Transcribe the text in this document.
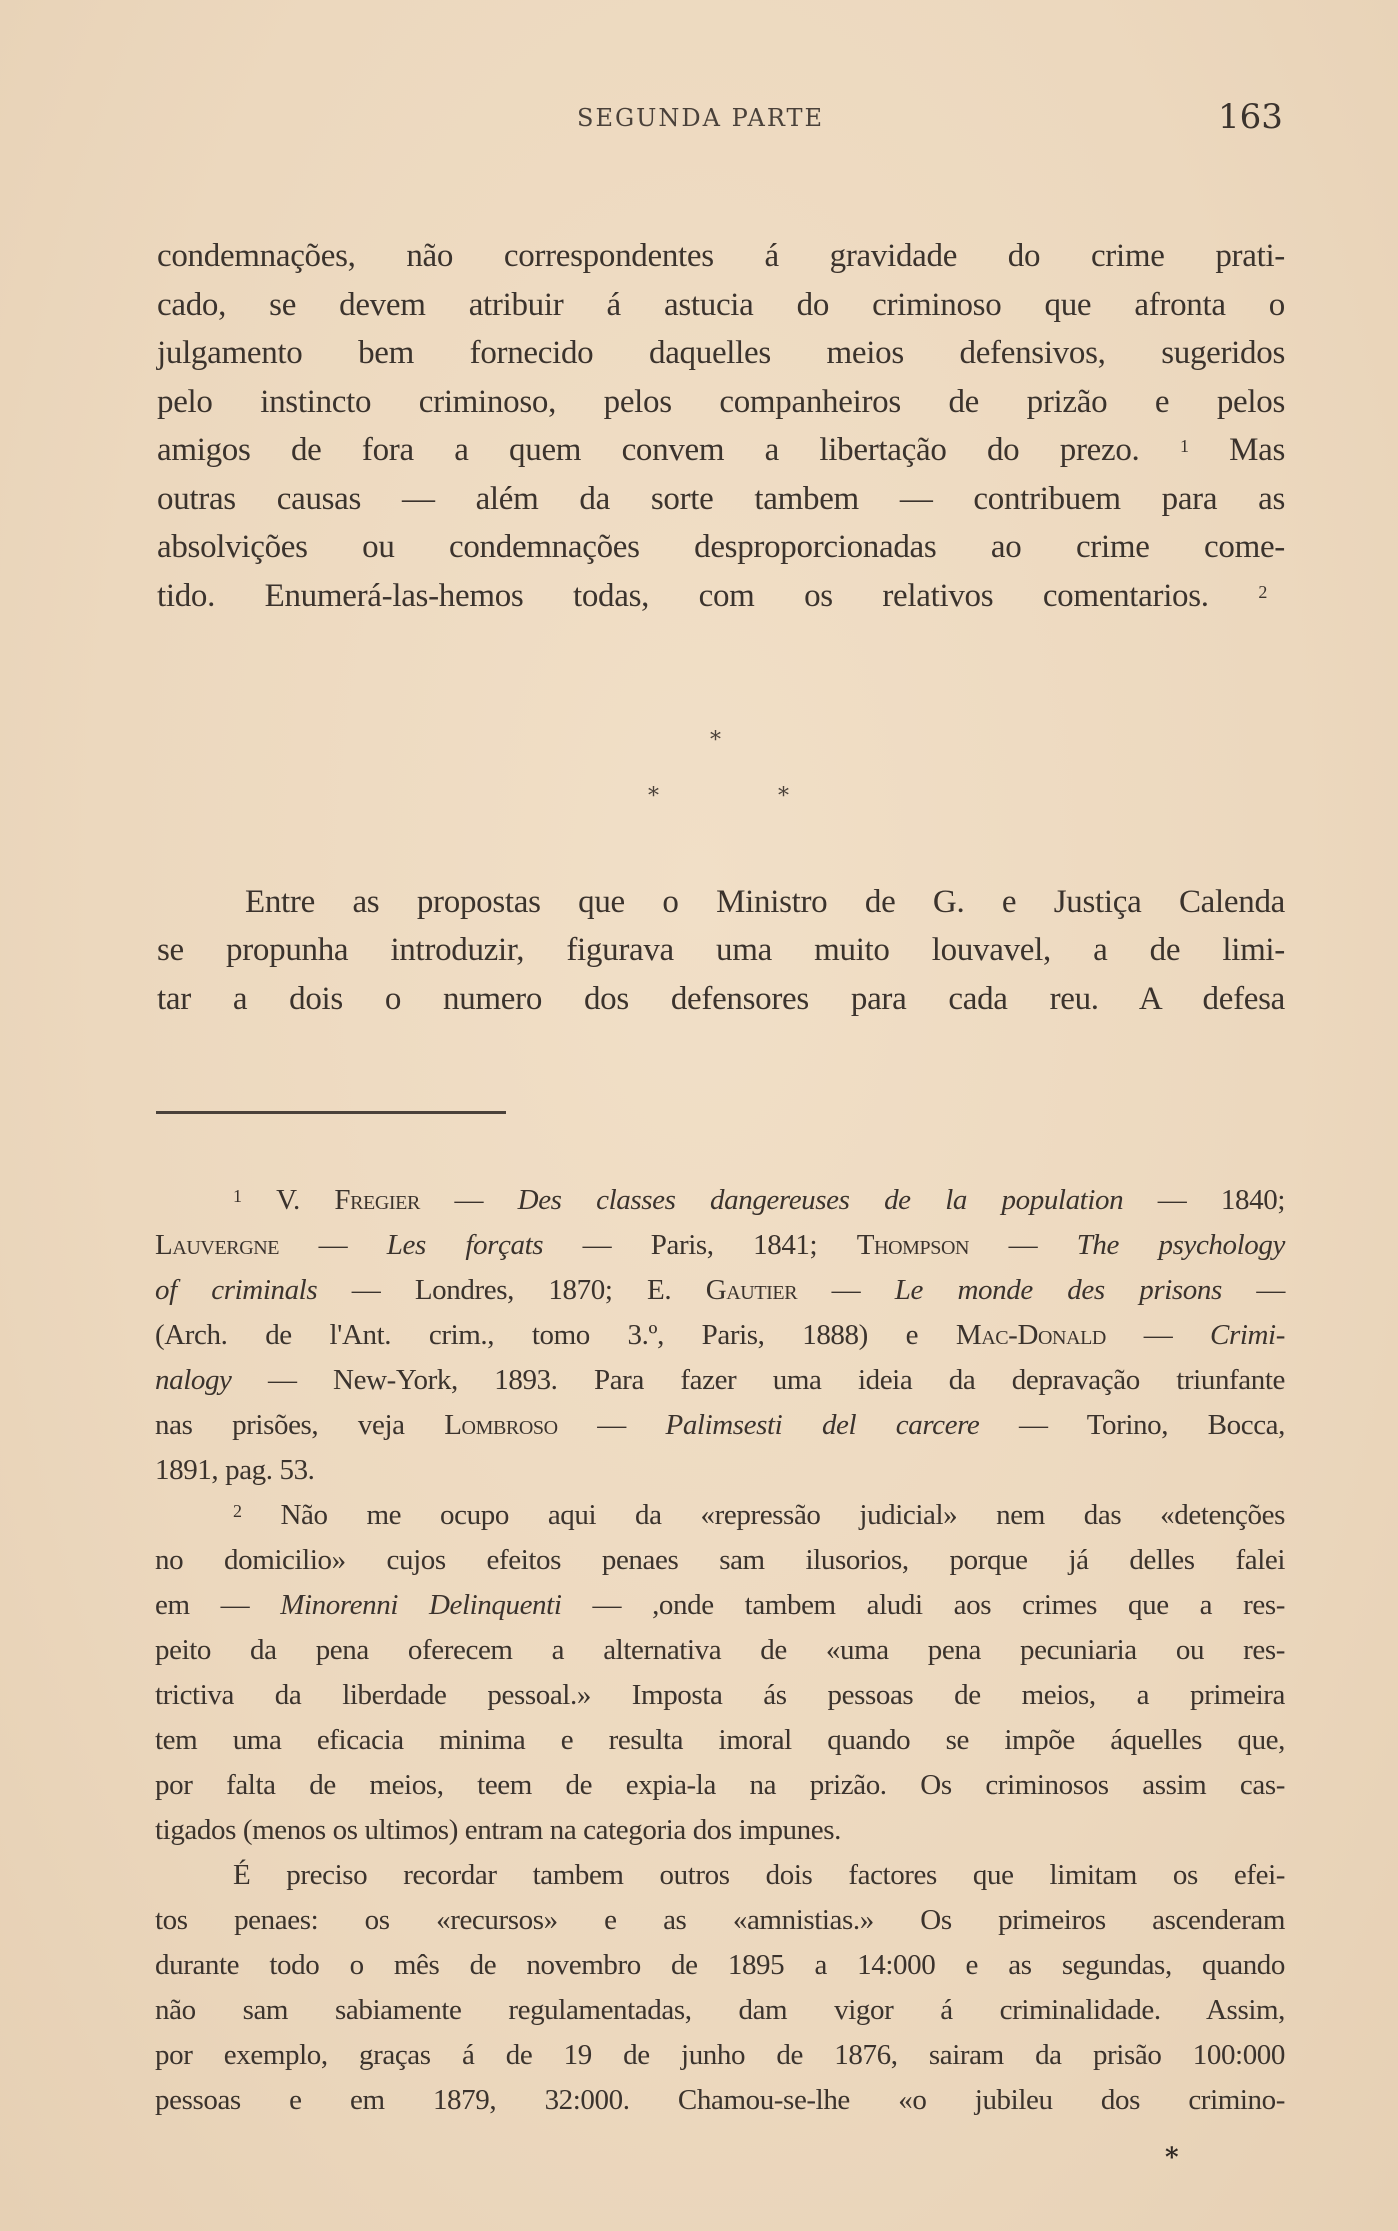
SEGUNDA PARTE	163
condemnações, não correspondentes á gravidade do crime prati-
cado, se devem atribuir á astucia do criminoso que afronta o
julgamento bem fornecido daquelles meios defensivos, sugeridos
pelo instincto criminoso, pelos companheiros de prizão e pelos
amigos de fora a quem convem a libertação do prezo. $^1$ Mas
outras causas — além da sorte tambem — contribuem para as
absolvições ou condemnações desproporcionadas ao crime come-
tido. Enumerá-las-hemos todas, com os relativos comentarios.	$^2$
*
*	*
Entre as propostas que o Ministro de G. e Justiça Calenda
se propunha introduzir, figurava uma muito louvavel, a de limi-
tar a dois o numero dos defensores para cada reu. A defesa
$^1$ V. Fregier — Des classes dangereuses de la population — 1840;
Lauvergne — Les forçats — Paris, 1841; Thompson — The psychology
of criminals — Londres, 1870; E. Gautier — Le monde des prisons —
(Arch. de l'Ant. crim., tomo 3.º, Paris, 1888) e Mac-Donald — Crimi-
nalogy — New-York, 1893. Para fazer uma ideia da depravação triunfante
nas prisões, veja Lombroso — Palimsesti del carcere — Torino, Bocca,
1891, pag. 53.
$^2$ Não me ocupo aqui da «repressão judicial» nem das «detenções
no domicilio» cujos efeitos penaes sam ilusorios, porque já delles falei
em — Minorenni Delinquenti — ,onde tambem aludi aos crimes que a res-
peito da pena oferecem a alternativa de «uma pena pecuniaria ou res-
trictiva da liberdade pessoal.» Imposta ás pessoas de meios, a primeira
tem uma eficacia minima e resulta imoral quando se impõe áquelles que,
por falta de meios, teem de expia-la na prizão. Os criminosos assim cas-
tigados (menos os ultimos) entram na categoria dos impunes.
É preciso recordar tambem outros dois factores que limitam os efei-
tos penaes: os «recursos» e as «amnistias.» Os primeiros ascenderam
durante todo o mês de novembro de 1895 a 14:000 e as segundas, quando
não sam sabiamente regulamentadas, dam vigor á criminalidade. Assim,
por exemplo, graças á de 19 de junho de 1876, sairam da prisão 100:000
pessoas e em 1879, 32:000. Chamou-se-lhe «o jubileu dos crimino-
*
